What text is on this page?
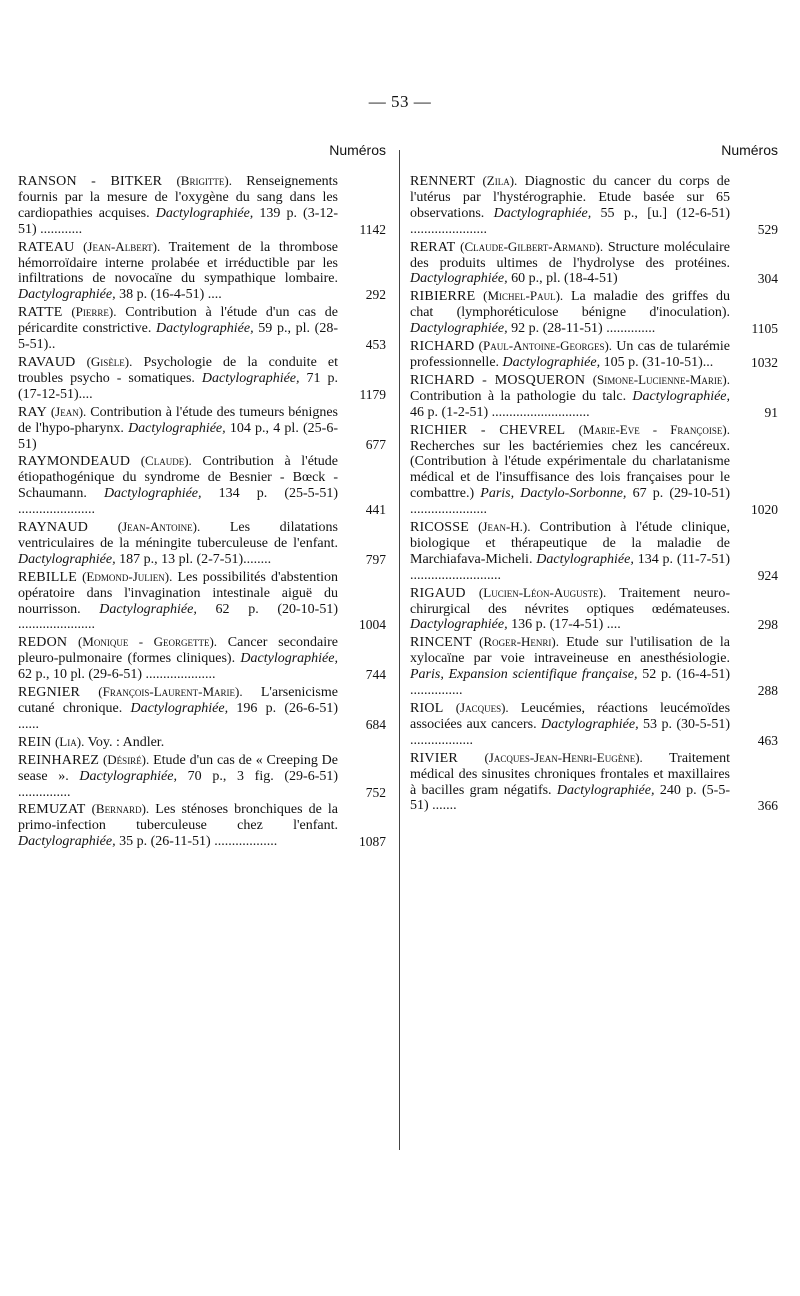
— 53 —
Numéros
RANSON - BITKER (Brigitte). Renseignements fournis par la mesure de l'oxygène du sang dans les cardiopathies acquises. Dactylographiée, 139 p. (3-12-51) ............	1142
RATEAU (Jean-Albert). Traitement de la thrombose hémorroïdaire interne prolabée et irréductible par les infiltrations de novocaïne du sympathique lombaire. Dactylographiée, 38 p. (16-4-51) ....	292
RATTE (Pierre). Contribution à l'étude d'un cas de péricardite constrictive. Dactylographiée, 59 p., pl. (28-5-51)..	453
RAVAUD (Gisèle). Psychologie de la conduite et troubles psycho - somatiques. Dactylographiée, 71 p. (17-12-51)....	1179
RAY (Jean). Contribution à l'étude des tumeurs bénignes de l'hypo-pharynx. Dactylographiée, 104 p., 4 pl. (25-6-51)	677
RAYMONDEAUD (Claude). Contribution à l'étude étiopathogénique du syndrome de Besnier - Bœck - Schaumann. Dactylographiée, 134 p. (25-5-51) ......................	441
RAYNAUD (Jean-Antoine). Les dilatations ventriculaires de la méningite tuberculeuse de l'enfant. Dactylographiée, 187 p., 13 pl. (2-7-51)........	797
REBILLE (Edmond-Julien). Les possibilités d'abstention opératoire dans l'invagination intestinale aiguë du nourrisson. Dactylographiée, 62 p. (20-10-51) ......................	1004
REDON (Monique - Georgette). Cancer secondaire pleuro-pulmonaire (formes cliniques). Dactylographiée, 62 p., 10 pl. (29-6-51) ....................	744
REGNIER (François-Laurent-Marie). L'arsenicisme cutané chronique. Dactylographiée, 196 p. (26-6-51) ......	684
REIN (Lia). Voy. : Andler.
REINHAREZ (Désiré). Etude d'un cas de « Creeping De sease ». Dactylographiée, 70 p., 3 fig. (29-6-51) ...............	752
REMUZAT (Bernard). Les sténoses bronchiques de la primo-infection tuberculeuse chez l'enfant. Dactylographiée, 35 p. (26-11-51) ..................	1087
Numéros
RENNERT (Zila). Diagnostic du cancer du corps de l'utérus par l'hystérographie. Etude basée sur 65 observations. Dactylographiée, 55 p., [u.] (12-6-51) ......................	529
RERAT (Claude-Gilbert-Armand). Structure moléculaire des produits ultimes de l'hydrolyse des protéines. Dactylographiée, 60 p., pl. (18-4-51)	304
RIBIERRE (Michel-Paul). La maladie des griffes du chat (lymphoréticulose bénigne d'inoculation). Dactylographiée, 92 p. (28-11-51) ..............	1105
RICHARD (Paul-Antoine-Georges). Un cas de tularémie professionnelle. Dactylographiée, 105 p. (31-10-51)...	1032
RICHARD - MOSQUERON (Simone-Lucienne-Marie). Contribution à la pathologie du talc. Dactylographiée, 46 p. (1-2-51) ............................	91
RICHIER - CHEVREL (Marie-Eve - Françoise). Recherches sur les bactériemies chez les cancéreux. (Contribution à l'étude expérimentale du charlatanisme médical et de l'insuffisance des lois françaises pour le combattre.) Paris, Dactylo-Sorbonne, 67 p. (29-10-51) ......................	1020
RICOSSE (Jean-H.). Contribution à l'étude clinique, biologique et thérapeutique de la maladie de Marchiafava-Micheli. Dactylographiée, 134 p. (11-7-51) ..........................	924
RIGAUD (Lucien-Léon-Auguste). Traitement neuro-chirurgical des névrites optiques œdémateuses. Dactylographiée, 136 p. (17-4-51) ....	298
RINCENT (Roger-Henri). Etude sur l'utilisation de la xylocaïne par voie intraveineuse en anesthésiologie. Paris, Expansion scientifique française, 52 p. (16-4-51) ...............	288
RIOL (Jacques). Leucémies, réactions leucémoïdes associées aux cancers. Dactylographiée, 53 p. (30-5-51) ..................	463
RIVIER (Jacques-Jean-Henri-Eugène). Traitement médical des sinusites chroniques frontales et maxillaires à bacilles gram négatifs. Dactylographiée, 240 p. (5-5-51) .......	366
